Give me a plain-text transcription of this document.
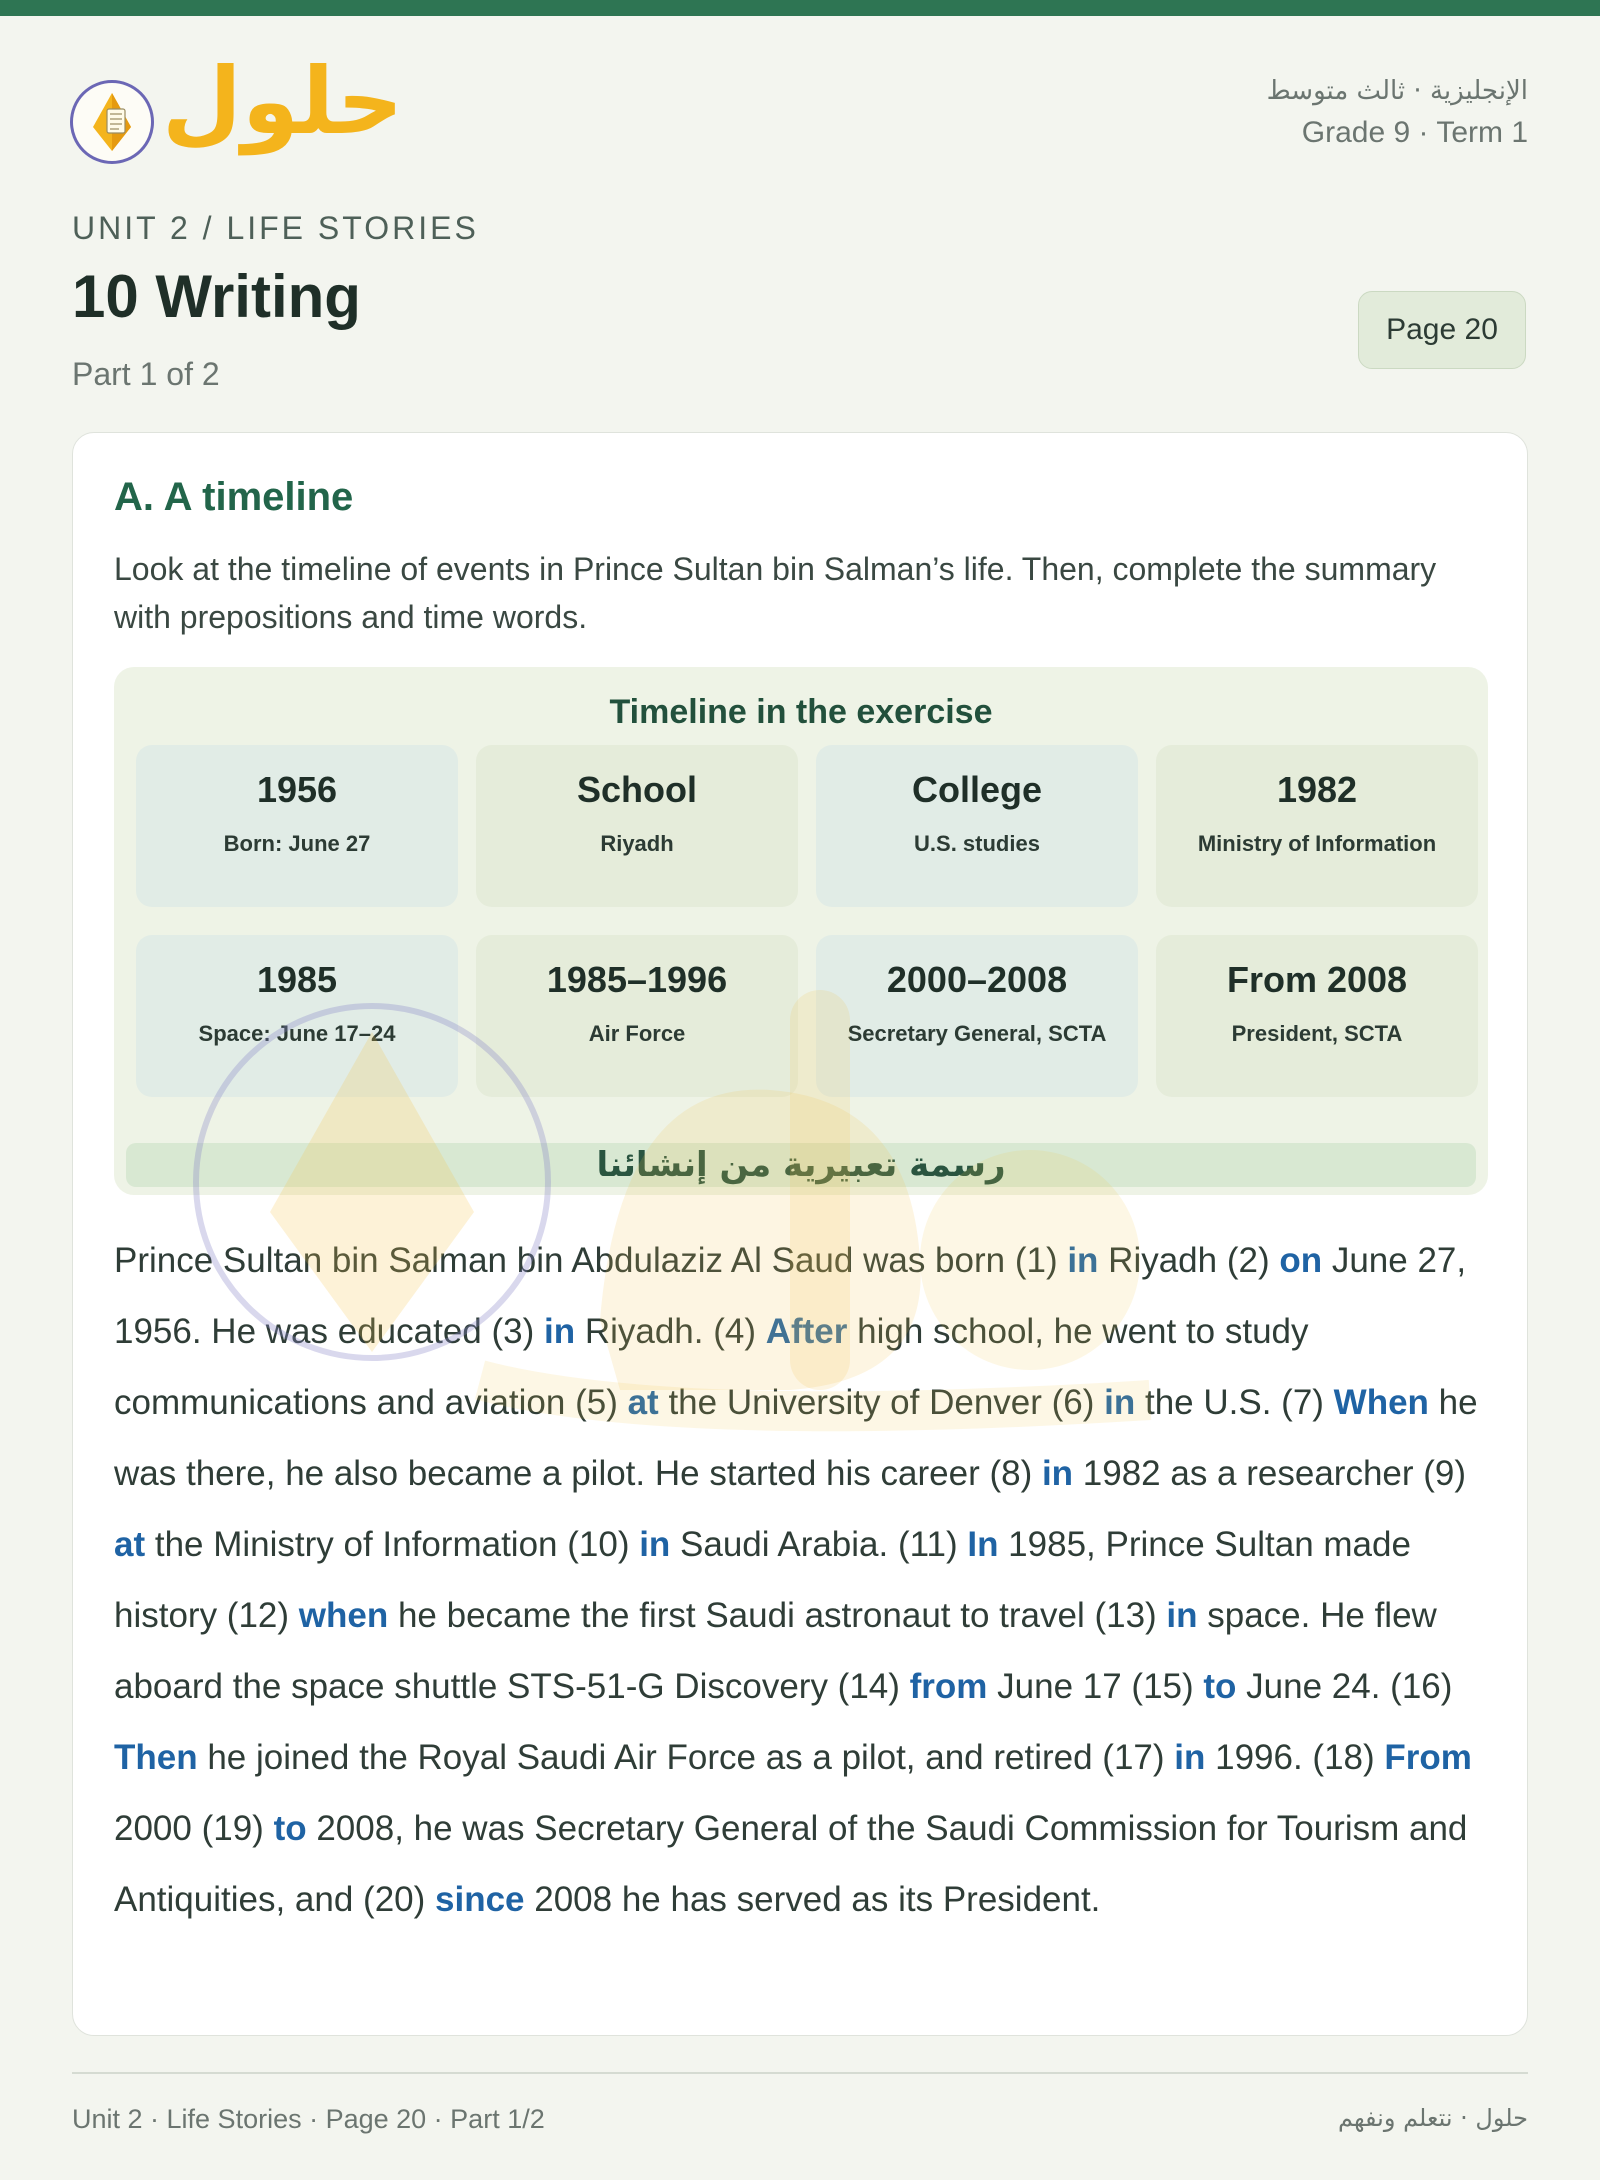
حلول	الإنجليزية · ثالث متوسط
Grade 9 · Term 1
UNIT 2 / LIFE STORIES
10 Writing
Part 1 of 2
Page 20
A. A timeline
Look at the timeline of events in Prince Sultan bin Salman’s life. Then, complete the summary with prepositions and time words.
Timeline in the exercise
1956
Born: June 27
School
Riyadh
College
U.S. studies
1982
Ministry of Information
1985
Space: June 17–24
1985–1996
Air Force
2000–2008
Secretary General, SCTA
From 2008
President, SCTA
رسمة تعبيرية من إنشائنا
Prince Sultan bin Salman bin Abdulaziz Al Saud was born (1) in Riyadh (2) on June 27, 1956. He was educated (3) in Riyadh. (4) After high school, he went to study communications and aviation (5) at the University of Denver (6) in the U.S. (7) When he was there, he also became a pilot. He started his career (8) in 1982 as a researcher (9) at the Ministry of Information (10) in Saudi Arabia. (11) In 1985, Prince Sultan made history (12) when he became the first Saudi astronaut to travel (13) in space. He flew aboard the space shuttle STS-51-G Discovery (14) from June 17 (15) to June 24. (16) Then he joined the Royal Saudi Air Force as a pilot, and retired (17) in 1996. (18) From 2000 (19) to 2008, he was Secretary General of the Saudi Commission for Tourism and Antiquities, and (20) since 2008 he has served as its President.
Unit 2 · Life Stories · Page 20 · Part 1/2	حلول · نتعلم ونفهم
